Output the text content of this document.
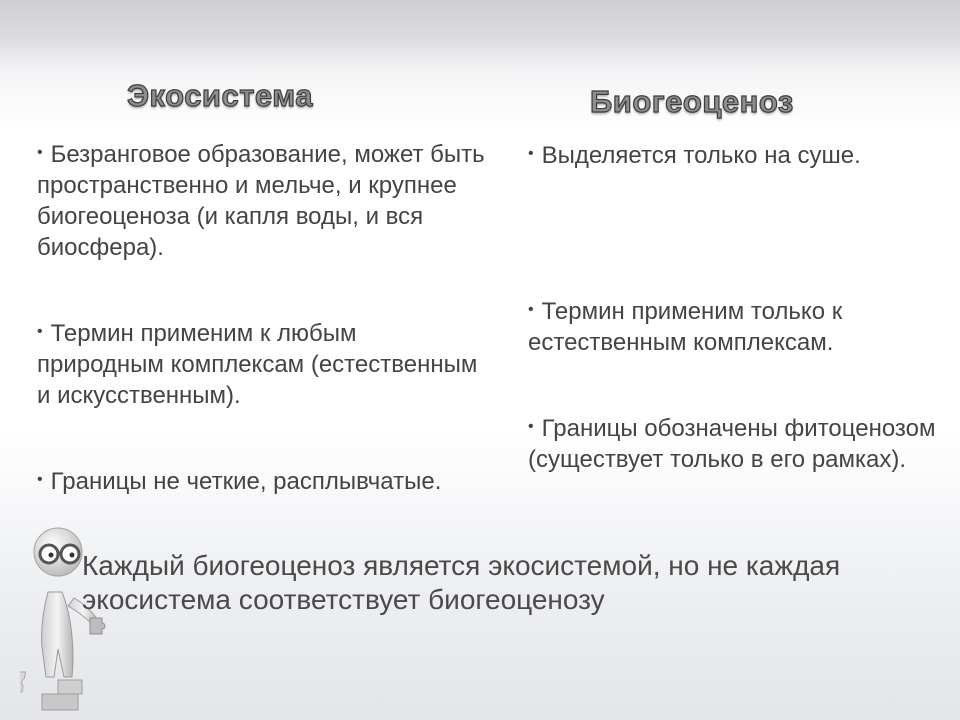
Экосистема	Биогеоценоз

• Безранговое образование, может быть пространственно и мельче, и крупнее биогеоценоза (и капля воды, и вся биосфера).

• Термин применим к любым природным комплексам (естественным и искусственным).

• Границы не четкие, расплывчатые.

• Выделяется только на суше.

• Термин применим только к естественным комплексам.

• Границы обозначены фитоценозом (существует только в его рамках).

Каждый биогеоценоз является экосистемой, но не каждая экосистема соответствует биогеоценозу
